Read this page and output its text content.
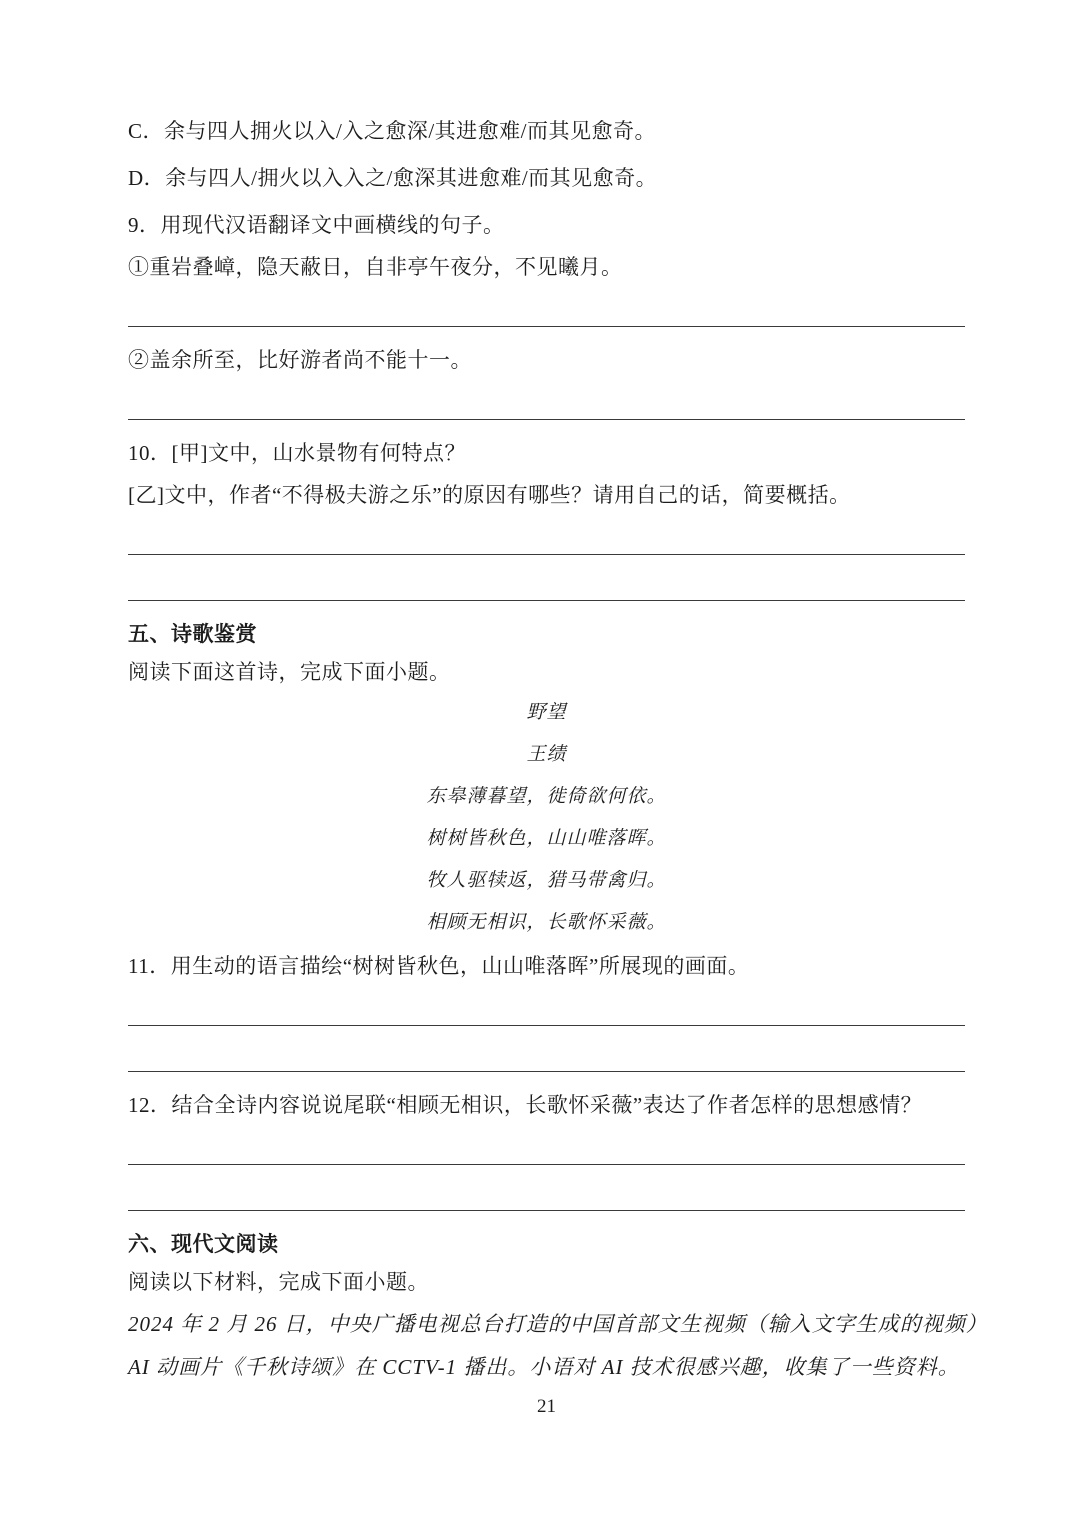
C．余与四人拥火以入/入之愈深/其进愈难/而其见愈奇。
D．余与四人/拥火以入入之/愈深其进愈难/而其见愈奇。
9．用现代汉语翻译文中画横线的句子。
①重岩叠嶂，隐天蔽日，自非亭午夜分，不见曦月。
②盖余所至，比好游者尚不能十一。
10．[甲]文中，山水景物有何特点？
[乙]文中，作者“不得极夫游之乐”的原因有哪些？请用自己的话，简要概括。
五、诗歌鉴赏
阅读下面这首诗，完成下面小题。
野望
王绩
东皋薄暮望，徙倚欲何依。
树树皆秋色，山山唯落晖。
牧人驱犊返，猎马带禽归。
相顾无相识，长歌怀采薇。
11．用生动的语言描绘“树树皆秋色，山山唯落晖”所展现的画面。
12．结合全诗内容说说尾联“相顾无相识，长歌怀采薇”表达了作者怎样的思想感情？
六、现代文阅读
阅读以下材料，完成下面小题。
2024 年 2 月 26 日，中央广播电视总台打造的中国首部文生视频（输入文字生成的视频）
AI 动画片《千秋诗颂》在 CCTV-1 播出。小语对 AI 技术很感兴趣，收集了一些资料。
21
